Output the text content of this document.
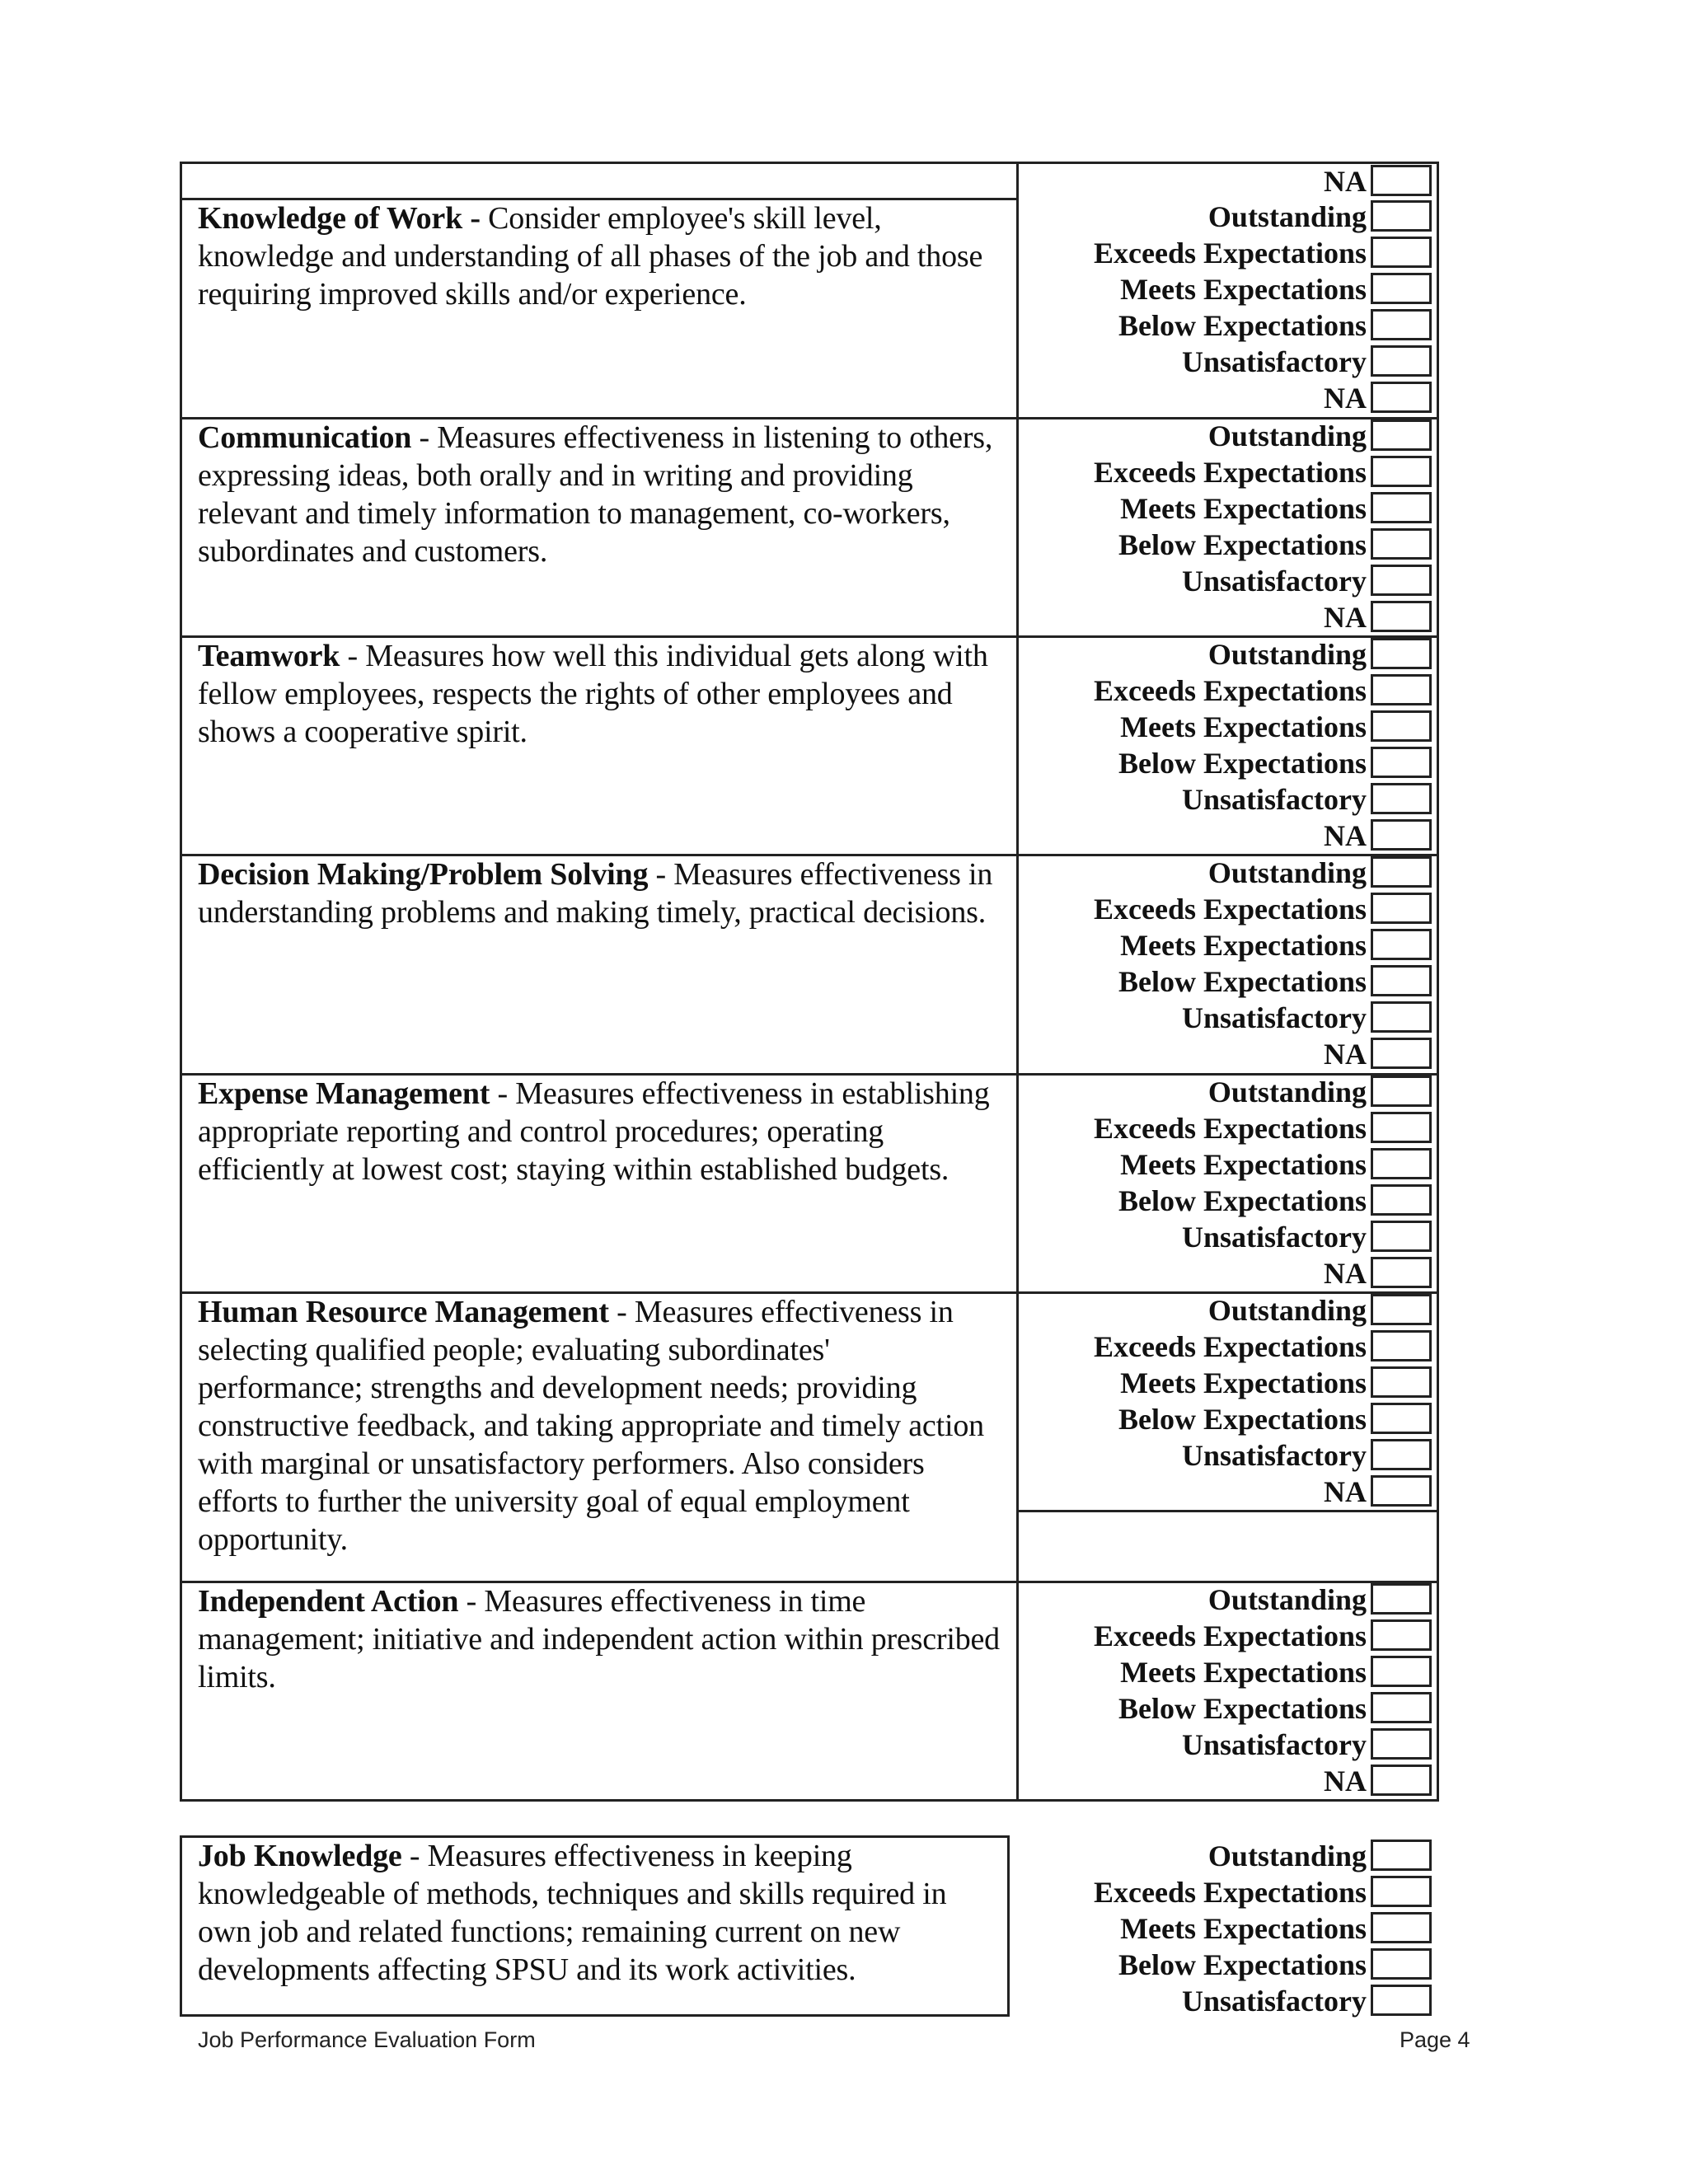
Knowledge of Work - Consider employee's skill level, knowledge and understanding of all phases of the job and those requiring improved skills and/or experience.
Communication - Measures effectiveness in listening to others, expressing ideas, both orally and in writing and providing relevant and timely information to management, co-workers, subordinates and customers.
Teamwork - Measures how well this individual gets along with fellow employees, respects the rights of other employees and shows a cooperative spirit.
Decision Making/Problem Solving - Measures effectiveness in understanding problems and making timely, practical decisions.
Expense Management - Measures effectiveness in establishing appropriate reporting and control procedures; operating efficiently at lowest cost; staying within established budgets.
Human Resource Management - Measures effectiveness in selecting qualified people; evaluating subordinates' performance; strengths and development needs; providing constructive feedback, and taking appropriate and timely action with marginal or unsatisfactory performers. Also considers efforts to further the university goal of equal employment opportunity.
Independent Action - Measures effectiveness in time management; initiative and independent action within prescribed limits.
Job Knowledge - Measures effectiveness in keeping knowledgeable of methods, techniques and skills required in own job and related functions; remaining current on new developments affecting SPSU and its work activities.
NA
Outstanding
Exceeds Expectations
Meets Expectations
Below Expectations
Unsatisfactory
NA
Outstanding
Exceeds Expectations
Meets Expectations
Below Expectations
Unsatisfactory
NA
Outstanding
Exceeds Expectations
Meets Expectations
Below Expectations
Unsatisfactory
NA
Outstanding
Exceeds Expectations
Meets Expectations
Below Expectations
Unsatisfactory
NA
Outstanding
Exceeds Expectations
Meets Expectations
Below Expectations
Unsatisfactory
NA
Outstanding
Exceeds Expectations
Meets Expectations
Below Expectations
Unsatisfactory
NA
Outstanding
Exceeds Expectations
Meets Expectations
Below Expectations
Unsatisfactory
NA
Outstanding
Exceeds Expectations
Meets Expectations
Below Expectations
Unsatisfactory
Job Performance Evaluation Form	Page 4
